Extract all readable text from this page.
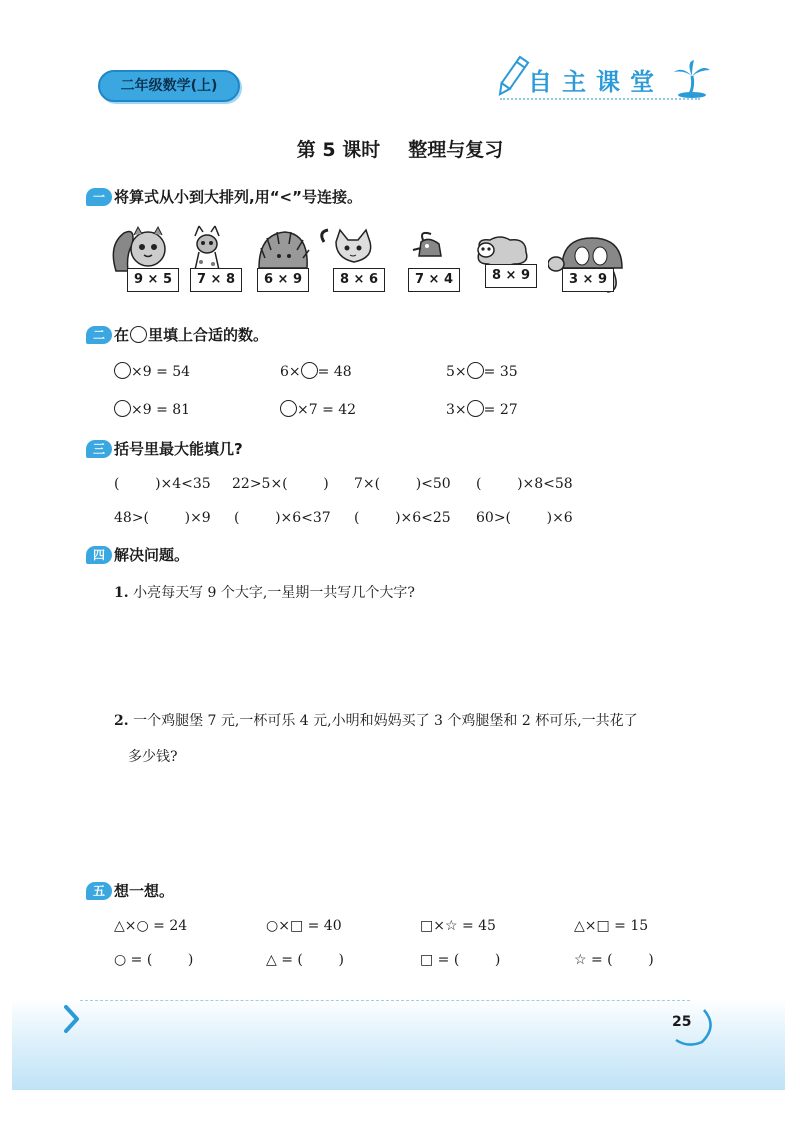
二年级数学(上)	自主课堂
第 5 课时 整理与复习
一 将算式从小到大排列,用“<”号连接。
9 × 5	7 × 8	6 × 9	8 × 6	7 × 4	8 × 9	3 × 9
二 在 里填上合适的数。
×9 = 54	6× = 48	5× = 35
×9 = 81	×7 = 42	3× = 27
三 括号里最大能填几?
(        )×4<35 22>5×(        ) 7×(        )<50 (        )×8<58
48>(        )×9 (        )×6<37 (        )×6<25 60>(        )×6
四 解决问题。
1. 小亮每天写 9 个大字,一星期一共写几个大字?
2. 一个鸡腿堡 7 元,一杯可乐 4 元,小明和妈妈买了 3 个鸡腿堡和 2 杯可乐,一共花了
多少钱?
五 想一想。
△×○ = 24	○×□ = 40	□×☆ = 45	△×□ = 15
○ = (        )	△ = (        )	□ = (        )	☆ = (        )
25
